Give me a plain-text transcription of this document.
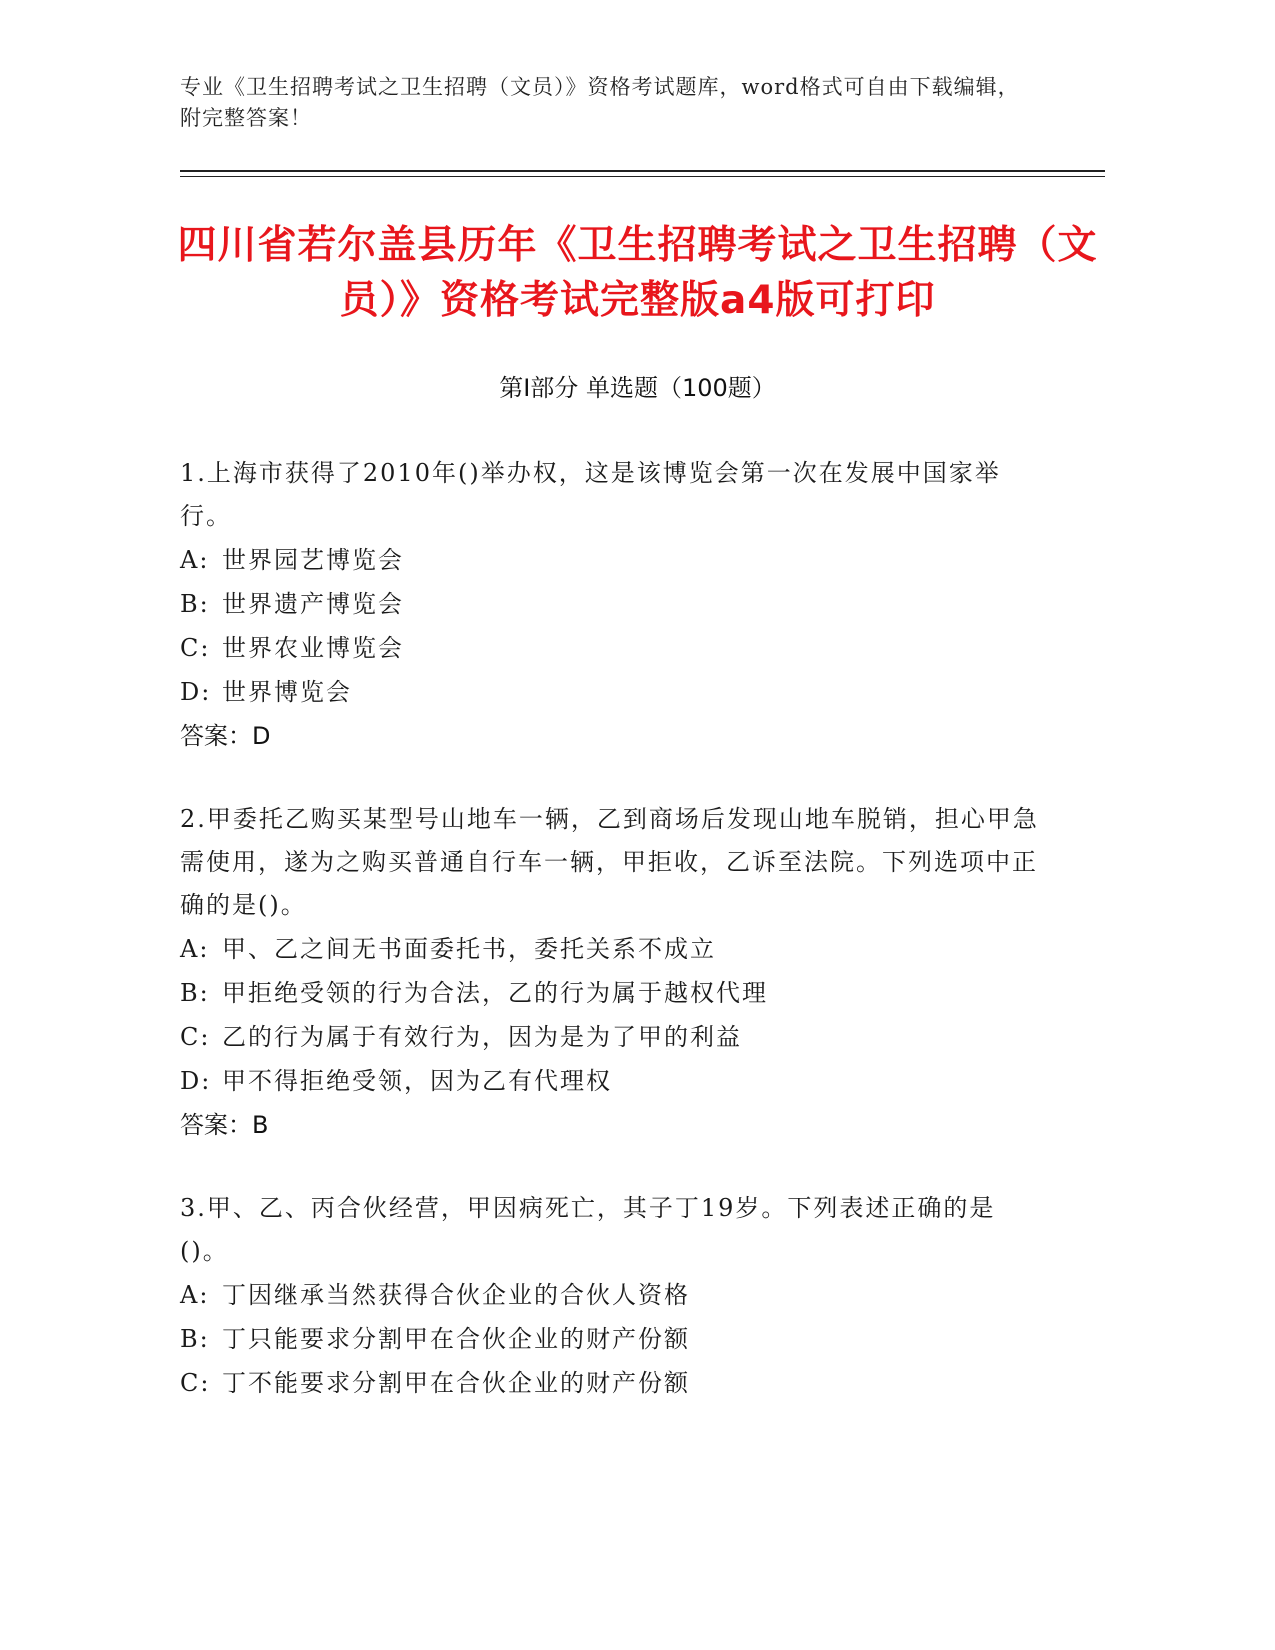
专业《卫生招聘考试之卫生招聘（文员）》资格考试题库，word格式可自由下载编辑，附完整答案！
四川省若尔盖县历年《卫生招聘考试之卫生招聘（文员）》资格考试完整版a4版可打印
第Ⅰ部分 单选题（100题）
1.上海市获得了2010年()举办权，这是该博览会第一次在发展中国家举行。
A: 世界园艺博览会
B: 世界遗产博览会
C: 世界农业博览会
D: 世界博览会
答案：D
2.甲委托乙购买某型号山地车一辆，乙到商场后发现山地车脱销，担心甲急需使用，遂为之购买普通自行车一辆，甲拒收，乙诉至法院。下列选项中正确的是()。
A: 甲、乙之间无书面委托书，委托关系不成立
B: 甲拒绝受领的行为合法，乙的行为属于越权代理
C: 乙的行为属于有效行为，因为是为了甲的利益
D: 甲不得拒绝受领，因为乙有代理权
答案：B
3.甲、乙、丙合伙经营，甲因病死亡，其子丁19岁。下列表述正确的是()。
A: 丁因继承当然获得合伙企业的合伙人资格
B: 丁只能要求分割甲在合伙企业的财产份额
C: 丁不能要求分割甲在合伙企业的财产份额
